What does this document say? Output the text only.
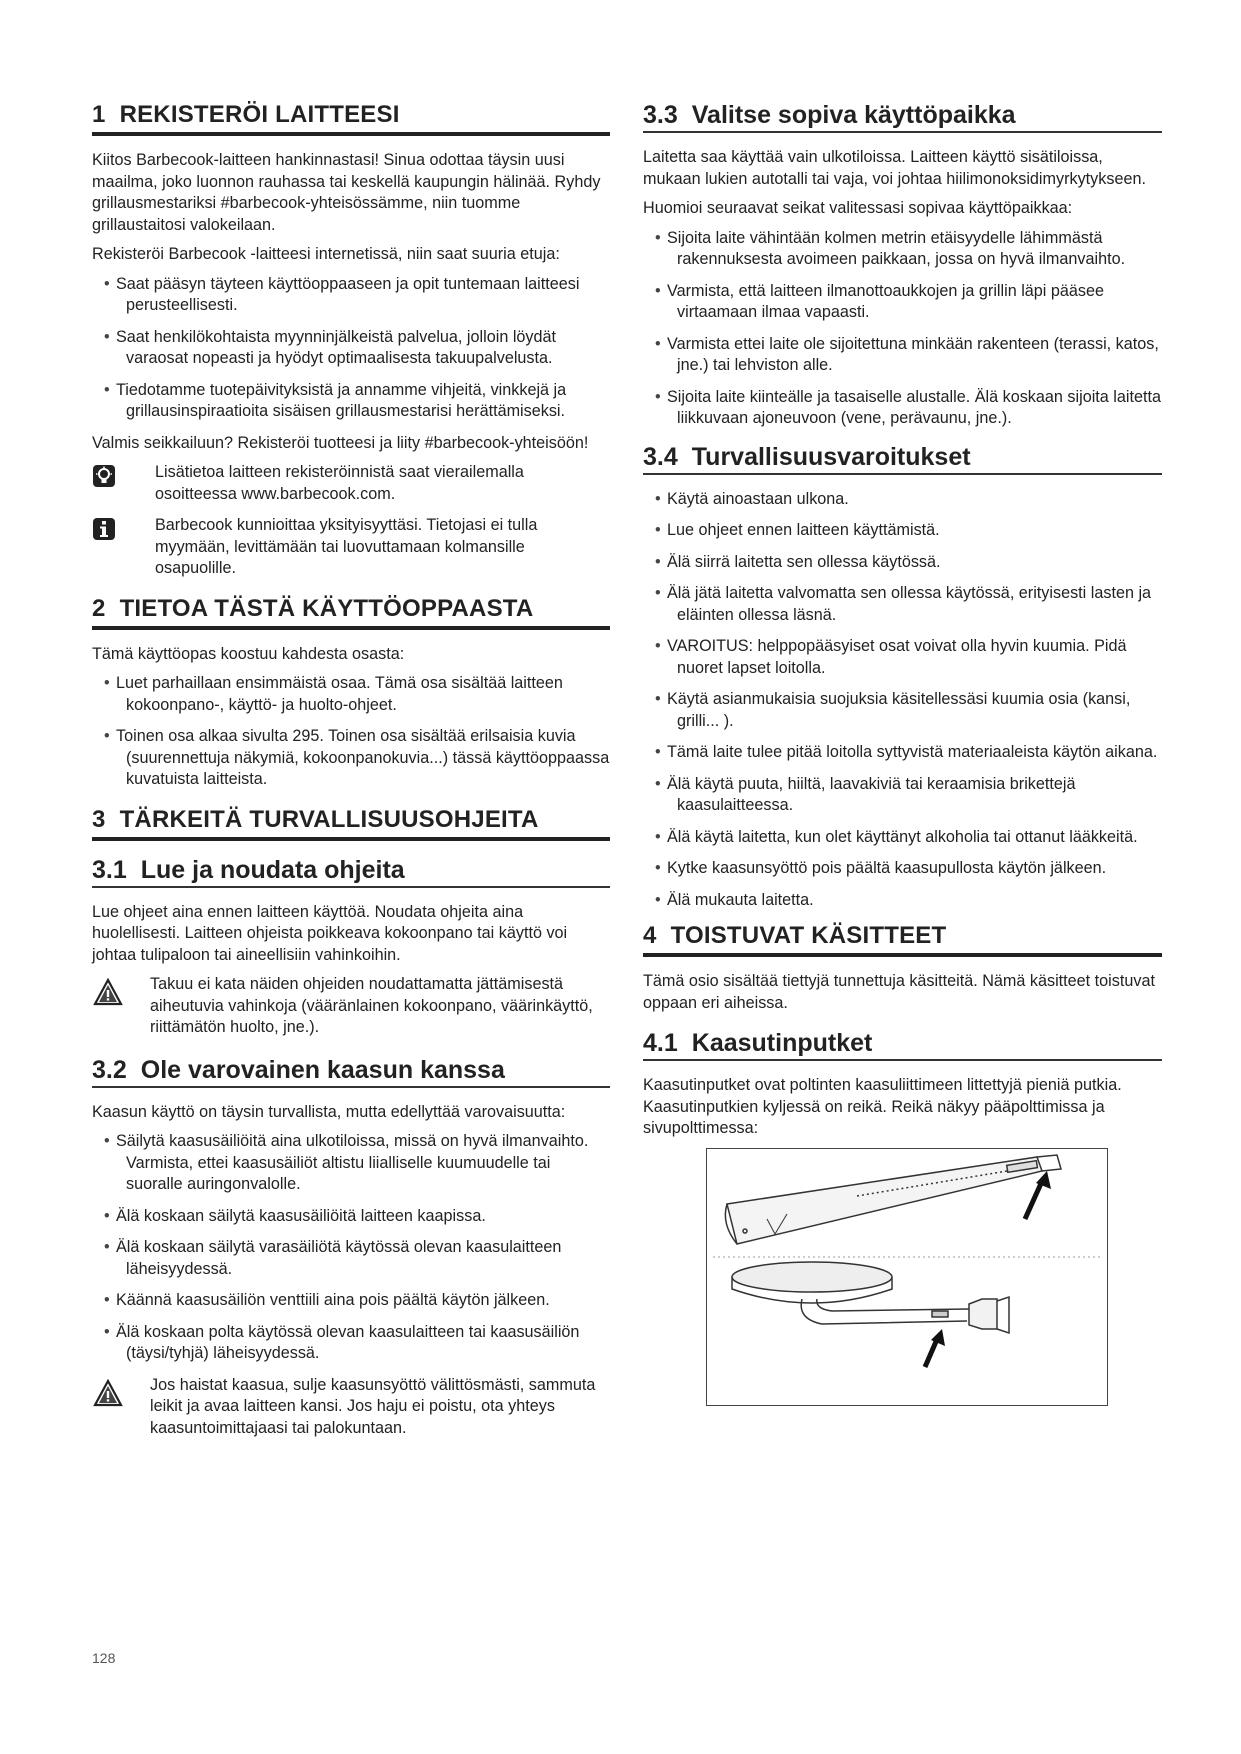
1 REKISTERÖI LAITTEESI

Kiitos Barbecook-laitteen hankinnastasi! Sinua odottaa täysin uusi maailma, joko luonnon rauhassa tai keskellä kaupungin hälinää. Ryhdy grillausmestariksi #barbecook-yhteisössämme, niin tuomme grillaustaitosi valokeilaan.

Rekisteröi Barbecook -laitteesi internetissä, niin saat suuria etuja:

• Saat pääsyn täyteen käyttöoppaaseen ja opit tuntemaan laitteesi perusteellisesti.
• Saat henkilökohtaista myynninjälkeistä palvelua, jolloin löydät varaosat nopeasti ja hyödyt optimaalisesta takuupalvelusta.
• Tiedotamme tuotepäivityksistä ja annamme vihjeitä, vinkkejä ja grillausinspiraatioita sisäisen grillausmestarisi herättämiseksi.

Valmis seikkailuun? Rekisteröi tuotteesi ja liity #barbecook-yhteisöön!

Lisätietoa laitteen rekisteröinnistä saat vierailemalla osoitteessa www.barbecook.com.
Barbecook kunnioittaa yksityisyyttäsi. Tietojasi ei tulla myymään, levittämään tai luovuttamaan kolmansille osapuolille.
2 TIETOA TÄSTÄ KÄYTTÖOPPAASTA

Tämä käyttöopas koostuu kahdesta osasta:

• Luet parhaillaan ensimmäistä osaa. Tämä osa sisältää laitteen kokoonpano-, käyttö- ja huolto-ohjeet.
• Toinen osa alkaa sivulta 295. Toinen osa sisältää erilsaisia kuvia (suurennettuja näkymiä, kokoonpanokuvia...) tässä käyttöoppaassa kuvatuista laitteista.
3 TÄRKEITÄ TURVALLISUUSOHJEITA
3.1 Lue ja noudata ohjeita

Lue ohjeet aina ennen laitteen käyttöä. Noudata ohjeita aina huolellisesti. Laitteen ohjeista poikkeava kokoonpano tai käyttö voi johtaa tulipaloon tai aineellisiin vahinkoihin.

Takuu ei kata näiden ohjeiden noudattamatta jättämisestä aiheutuvia vahinkoja (vääränlainen kokoonpano, väärinkäyttö, riittämätön huolto, jne.).
3.2 Ole varovainen kaasun kanssa

Kaasun käyttö on täysin turvallista, mutta edellyttää varovaisuutta:

• Säilytä kaasusäiliöitä aina ulkotiloissa, missä on hyvä ilmanvaihto. Varmista, ettei kaasusäiliöt altistu liialliselle kuumuudelle tai suoralle auringonvalolle.
• Älä koskaan säilytä kaasusäiliöitä laitteen kaapissa.
• Älä koskaan säilytä varasäiliötä käytössä olevan kaasulaitteen läheisyydessä.
• Käännä kaasusäiliön venttiili aina pois päältä käytön jälkeen.
• Älä koskaan polta käytössä olevan kaasulaitteen tai kaasusäiliön (täysi/tyhjä) läheisyydessä.
Jos haistat kaasua, sulje kaasunsyöttö välittösmästi, sammuta leikit ja avaa laitteen kansi. Jos haju ei poistu, ota yhteys kaasuntoimittajaasi tai palokuntaan.
3.3 Valitse sopiva käyttöpaikka

Laitetta saa käyttää vain ulkotiloissa. Laitteen käyttö sisätiloissa, mukaan lukien autotalli tai vaja, voi johtaa hiilimonoksidimyrkytykseen.

Huomioi seuraavat seikat valitessasi sopivaa käyttöpaikkaa:

• Sijoita laite vähintään kolmen metrin etäisyydelle lähimmästä rakennuksesta avoimeen paikkaan, jossa on hyvä ilmanvaihto.
• Varmista, että laitteen ilmanottoaukkojen ja grillin läpi pääsee virtaamaan ilmaa vapaasti.
• Varmista ettei laite ole sijoitettuna minkään rakenteen (terassi, katos, jne.) tai lehviston alle.
• Sijoita laite kiinteälle ja tasaiselle alustalle. Älä koskaan sijoita laitetta liikkuvaan ajoneuvoon (vene, perävaunu, jne.).
3.4 Turvallisuusvaroitukset
• Käytä ainoastaan ulkona.
• Lue ohjeet ennen laitteen käyttämistä.
• Älä siirrä laitetta sen ollessa käytössä.
• Älä jätä laitetta valvomatta sen ollessa käytössä, erityisesti lasten ja eläinten ollessa läsnä.
• VAROITUS: helppopääsyiset osat voivat olla hyvin kuumia. Pidä nuoret lapset loitolla.
• Käytä asianmukaisia suojuksia käsitellessäsi kuumia osia (kansi, grilli... ).
• Tämä laite tulee pitää loitolla syttyvistä materiaaleista käytön aikana.
• Älä käytä puuta, hiiltä, laavakiviä tai keraamisia brikettejä kaasulaitteessa.
• Älä käytä laitetta, kun olet käyttänyt alkoholia tai ottanut lääkkeitä.
• Kytke kaasunsyöttö pois päältä kaasupullosta käytön jälkeen.
• Älä mukauta laitetta.
4 TOISTUVAT KÄSITTEET

Tämä osio sisältää tiettyjä tunnettuja käsitteitä. Nämä käsitteet toistuvat oppaan eri aiheissa.

4.1 Kaasutinputket

Kaasutinputket ovat poltinten kaasuliittimeen littettyjä pieniä putkia. Kaasutinputkien kyljessä on reikä. Reikä näkyy pääpolttimissa ja sivupolttimessa:

128
